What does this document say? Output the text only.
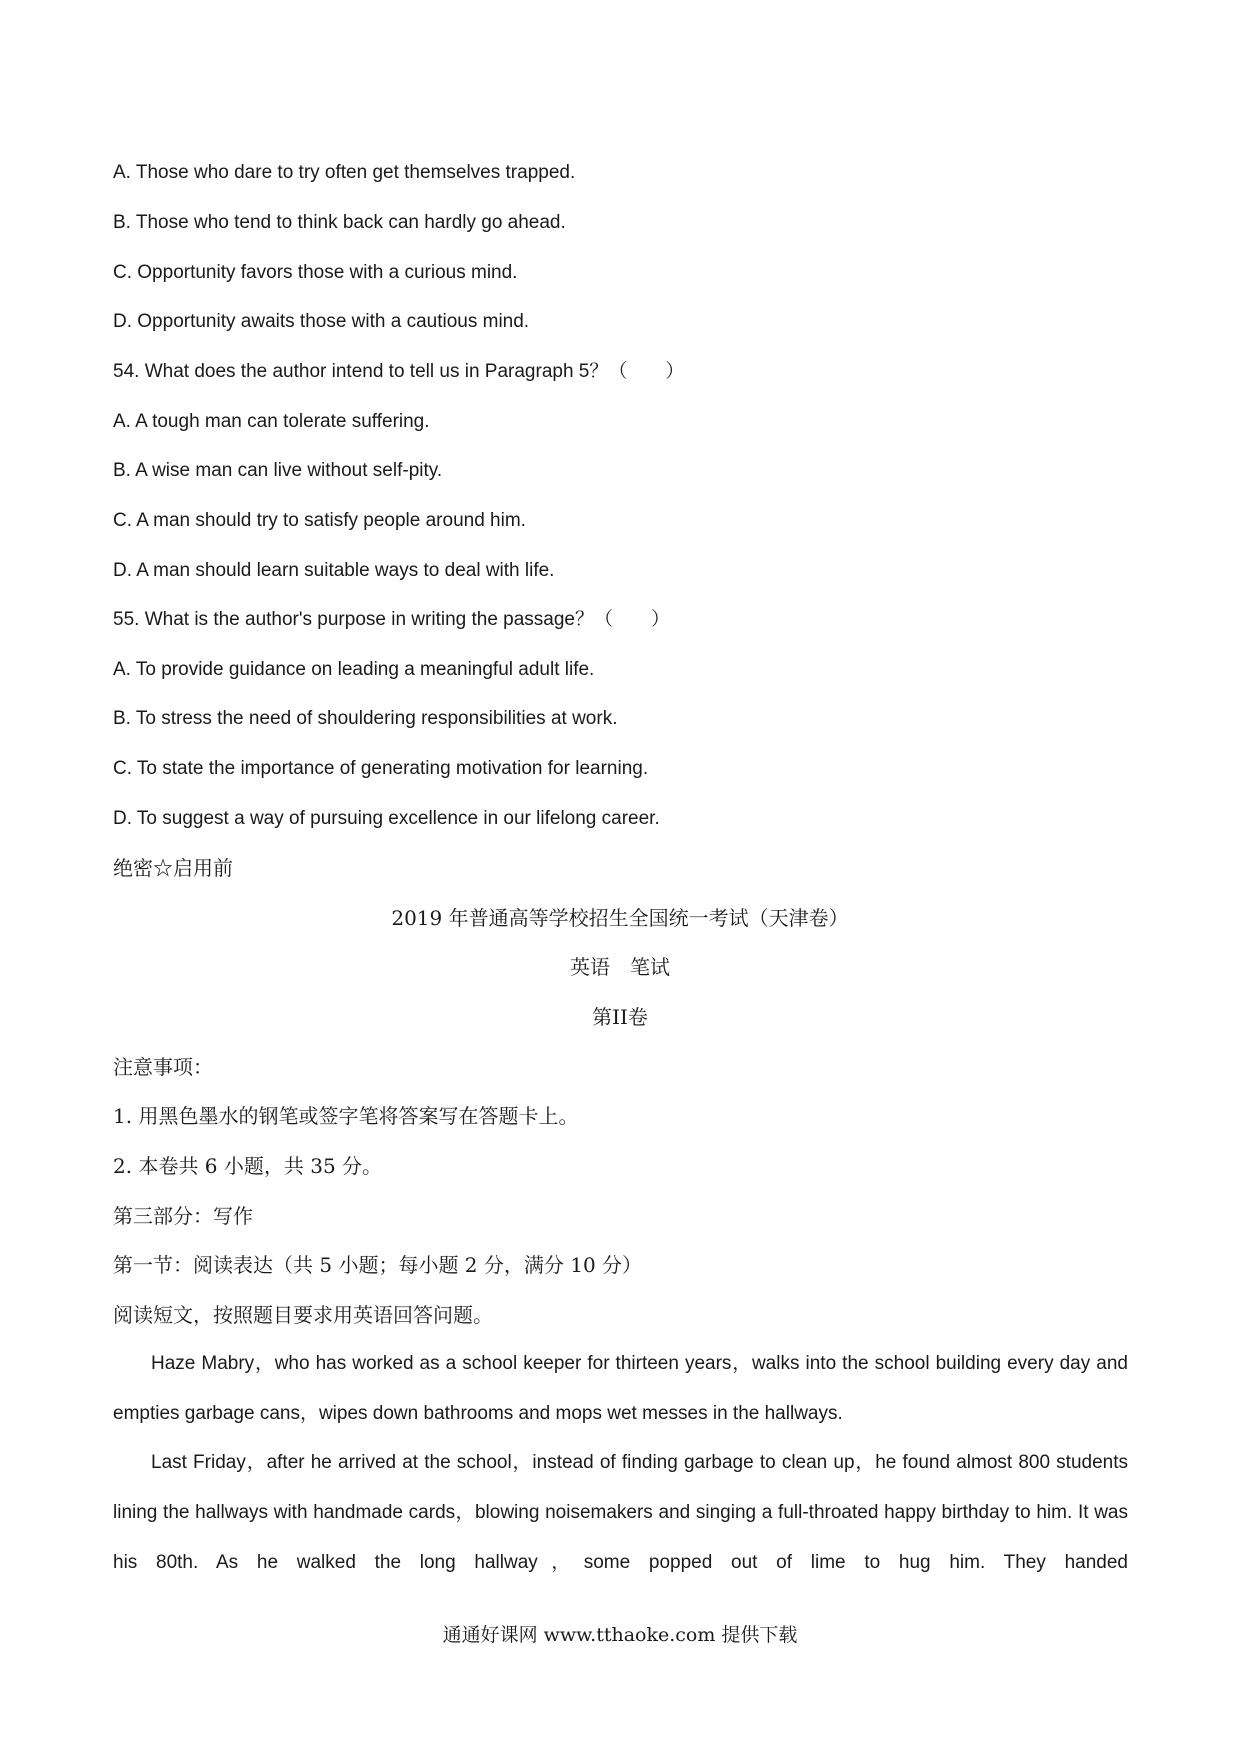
A. Those who dare to try often get themselves trapped.
B. Those who tend to think back can hardly go ahead.
C. Opportunity favors those with a curious mind.
D. Opportunity awaits those with a cautious mind.
54. What does the author intend to tell us in Paragraph 5？（　　）
A. A tough man can tolerate suffering.
B. A wise man can live without self-pity.
C. A man should try to satisfy people around him.
D. A man should learn suitable ways to deal with life.
55. What is the author's purpose in writing the passage？（　　）
A. To provide guidance on leading a meaningful adult life.
B. To stress the need of shouldering responsibilities at work.
C. To state the importance of generating motivation for learning.
D. To suggest a way of pursuing excellence in our lifelong career.
绝密☆启用前
2019 年普通高等学校招生全国统一考试（天津卷）
英语　笔试
第II卷
注意事项：
1. 用黑色墨水的钢笔或签字笔将答案写在答题卡上。
2. 本卷共 6 小题，共 35 分。
第三部分：写作
第一节：阅读表达（共 5 小题；每小题 2 分，满分 10 分）
阅读短文，按照题目要求用英语回答问题。
Haze Mabry，who has worked as a school keeper for thirteen years，walks into the school building every day and empties garbage cans，wipes down bathrooms and mops wet messes in the hallways.
Last Friday，after he arrived at the school，instead of finding garbage to clean up，he found almost 800 students lining the hallways with handmade cards，blowing noisemakers and singing a full-throated happy birthday to him. It was his 80th. As he walked the long hallway，some popped out of lime to hug him. They handed
通通好课网 www.tthaoke.com 提供下载
